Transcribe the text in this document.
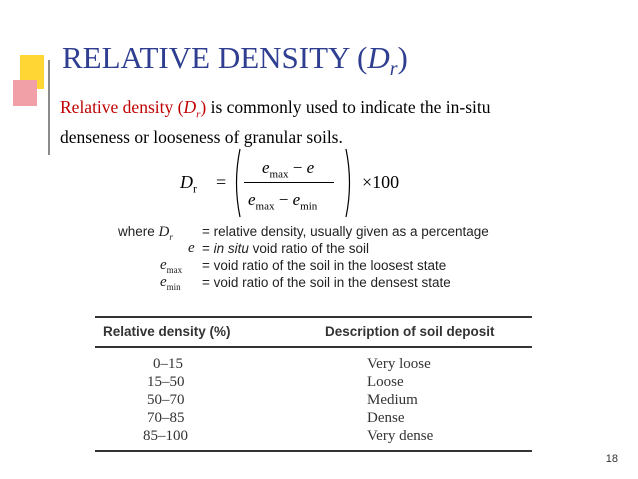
RELATIVE DENSITY $(D_r)$
Relative density $(D_r)$ is commonly used to indicate the in-situ
denseness or looseness of granular soils.
$D_r$ =
$e_{max} - e$
$e_{max} - e_{min}$
×100
where $D_r$ = relative density, usually given as a percentage
e = in situ void ratio of the soil
$e_{max}$ = void ratio of the soil in the loosest state
$e_{min}$ = void ratio of the soil in the densest state
Relative density (%)	Description of soil deposit
0–15	Very loose
15–50	Loose
50–70	Medium
70–85	Dense
85–100	Very dense
18
